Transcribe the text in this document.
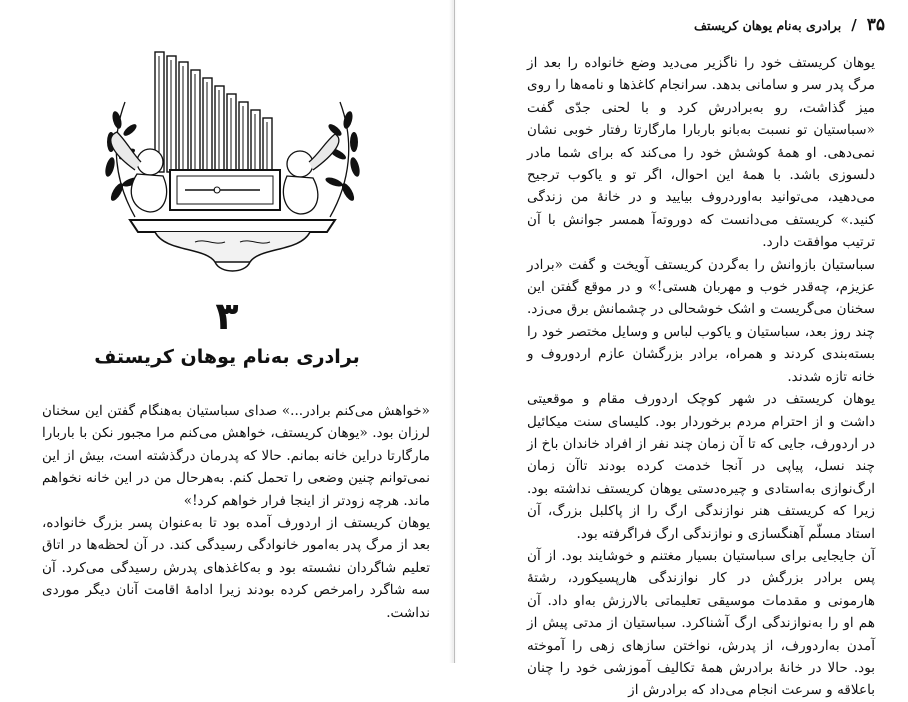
۳
برادری به‌نام یوهان کریستف

«خواهش می‌کنم برادر...» صدای سباستیان به‌هنگام گفتن این سخنان لرزان بود. «یوهان کریستف، خواهش می‌کنم مرا مجبور نکن با باربارا مارگارتا دراین خانه بمانم. حالا که پدرمان درگذشته است، بیش از این نمی‌توانم چنین وضعی را تحمل کنم. به‌هرحال من در این خانه نخواهم ماند. هرچه زودتر از اینجا فرار خواهم کرد!»

یوهان کریستف از اردورف آمده بود تا به‌عنوان پسر بزرگ خانواده، بعد از مرگ پدر به‌امور خانوادگی رسیدگی کند. در آن لحظه‌ها در اتاق تعلیم شاگردان نشسته بود و به‌کاغذهای پدرش رسیدگی می‌کرد. آن سه شاگرد رامرخص کرده بودند زیرا ادامهٔ اقامت آنان دیگر موردی نداشت.

۳۵
/
برادری به‌نام یوهان کریستف

یوهان کریستف خود را ناگزیر می‌دید وضع خانواده را بعد از مرگ پدر سر و سامانی بدهد. سرانجام کاغذها و نامه‌ها را روی میز گذاشت، رو به‌برادرش کرد و با لحنی جدّی گفت «سباستیان تو نسبت به‌بانو باربارا مارگارتا رفتار خوبی نشان نمی‌دهی. او همهٔ کوشش خود را می‌کند که برای شما مادر دلسوزی باشد. با همهٔ این احوال، اگر تو و یاکوب ترجیح می‌دهید، می‌توانید به‌اوردروف بیایید و در خانهٔ من زندگی کنید.» کریستف می‌دانست که دوروته‌آ همسر جوانش با آن ترتیب موافقت دارد.

سباستیان بازوانش را به‌گردن کریستف آویخت و گفت «برادر عزیزم، چه‌قدر خوب و مهربان هستی!» و در موقع گفتن این سخنان می‌گریست و اشک خوشحالی در چشمانش برق می‌زد. چند روز بعد، سباستیان و یاکوب لباس و وسایل مختصر خود را بسته‌بندی کردند و همراه، برادر بزرگشان عازم اردوروف و خانه تازه شدند.

یوهان کریستف در شهر کوچک اردورف مقام و موقعیتی داشت و از احترام مردم برخوردار بود. کلیسای سنت میکائیل در اردورف، جایی که تا آن زمان چند نفر از افراد خاندان باخ از چند نسل، پیاپی در آنجا خدمت کرده بودند تاآن زمان ارگ‌نوازی به‌استادی و چیره‌دستی یوهان کریستف نداشته بود. زیرا که کریستف هنر نوازندگی ارگ را از پاکلبل بزرگ، آن استاد مسلّم آهنگسازی و نوازندگی ارگ فراگرفته بود.

آن جایجایی برای سباستیان بسیار مغتنم و خوشایند بود. از آن پس برادر بزرگش در کار نوازندگی هارپسیکورد، رشتهٔ هارمونی و مقدمات موسیقی تعلیماتی بالارزش به‌او داد. آن هم او را به‌نوازندگی ارگ آشناکرد. سباستیان از مدتی پیش از آمدن به‌اردورف، از پدرش، نواختن سازهای زهی را آموخته بود. حالا در خانهٔ برادرش همهٔ تکالیف آموزشی خود را چنان باعلاقه و سرعت انجام می‌داد که برادرش از
